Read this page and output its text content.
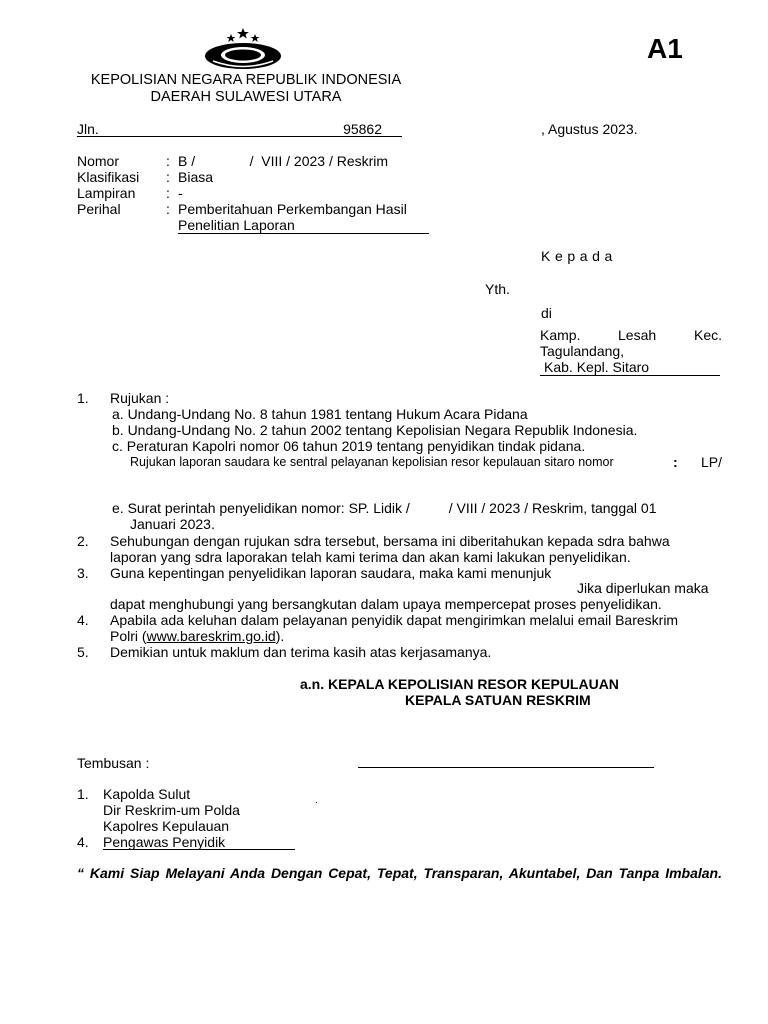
A1
KEPOLISIAN NEGARA REPUBLIK INDONESIA
DAERAH SULAWESI UTARA
Jln.	95862	, Agustus 2023.
Nomor	: B /              /  VIII / 2023 / Reskrim
Klasifikasi : Biasa
Lampiran : -
Perihal	: Pemberitahuan Perkembangan Hasil
Penelitian Laporan
Kepada
Yth.
di
Kamp.	Lesah	Kec.
Tagulandang,
Kab. Kepl. Sitaro
1. Rujukan :
a. Undang-Undang No. 8 tahun 1981 tentang Hukum Acara Pidana
b. Undang-Undang No. 2 tahun 2002 tentang Kepolisian Negara Republik Indonesia.
c. Peraturan Kapolri nomor 06 tahun 2019 tentang penyidikan tindak pidana.
Rujukan laporan saudara ke sentral pelayanan kepolisian resor kepulauan sitaro nomor	: LP/
e. Surat perintah penyelidikan nomor: SP. Lidik /          / VIII / 2023 / Reskrim, tanggal 01
Januari 2023.
2. Sehubungan dengan rujukan sdra tersebut, bersama ini diberitahukan kepada sdra bahwa
laporan yang sdra laporakan telah kami terima dan akan kami lakukan penyelidikan.
3. Guna kepentingan penyelidikan laporan saudara, maka kami menunjuk
Jika diperlukan maka
dapat menghubungi yang bersangkutan dalam upaya mempercepat proses penyelidikan.
4. Apabila ada keluhan dalam pelayanan penyidik dapat mengirimkan melalui email Bareskrim
Polri (www.bareskrim.go.id).
5. Demikian untuk maklum dan terima kasih atas kerjasamanya.
a.n. KEPALA KEPOLISIAN RESOR KEPULAUAN
KEPALA SATUAN RESKRIM
Tembusan :
1. Kapolda Sulut
Dir Reskrim-um Polda
.
Kapolres Kepulauan
4. Pengawas Penyidik
“ Kami Siap Melayani Anda Dengan Cepat, Tepat, Transparan, Akuntabel, Dan Tanpa Imbalan.
